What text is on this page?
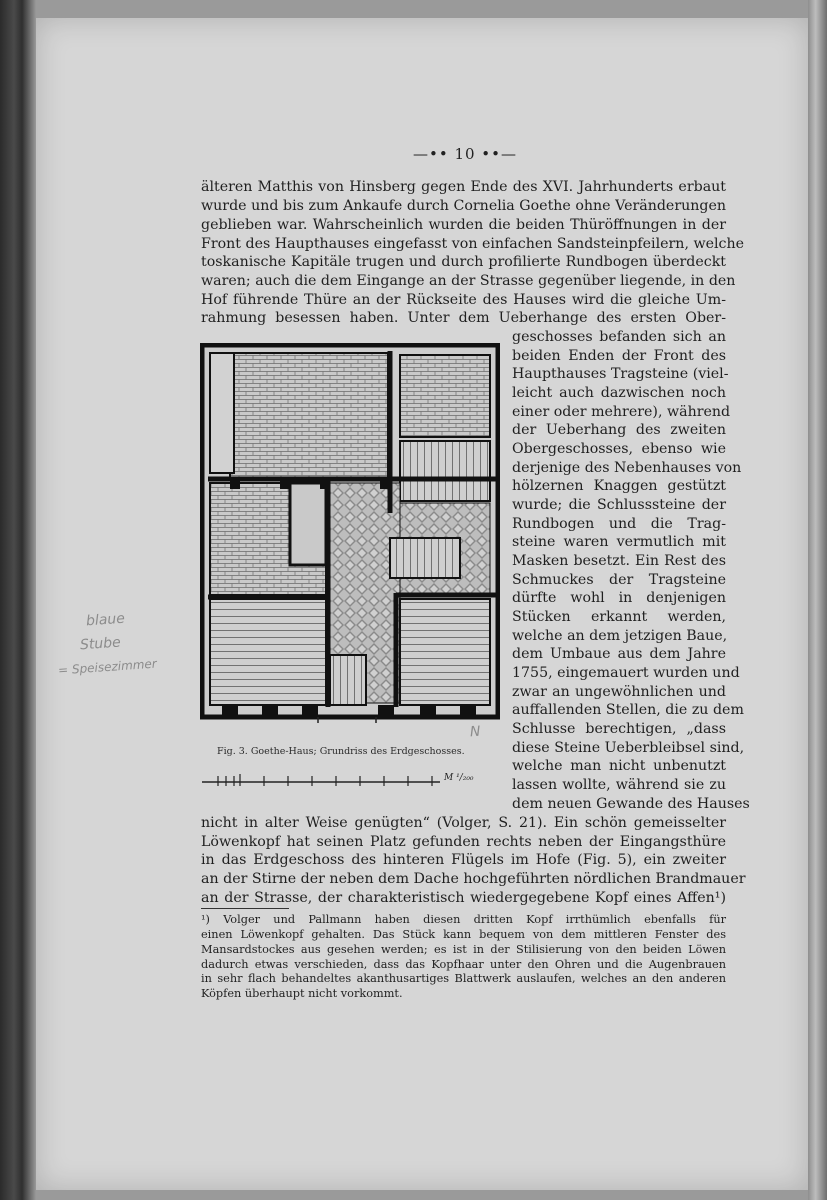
—•• 10 ••—
älteren Matthis von Hinsberg gegen Ende des XVI. Jahrhunderts erbaut
wurde und bis zum Ankaufe durch Cornelia Goethe ohne Veränderungen
geblieben war. Wahrscheinlich wurden die beiden Thüröffnungen in der
Front des Haupthauses eingefasst von einfachen Sandsteinpfeilern, welche
toskanische Kapitäle trugen und durch profilierte Rundbogen überdeckt
waren; auch die dem Eingange an der Strasse gegenüber liegende, in den
Hof führende Thüre an der Rückseite des Hauses wird die gleiche Um-
rahmung besessen haben. Unter dem Ueberhange des ersten Ober-
geschosses befanden sich an
beiden Enden der Front des
Haupthauses Tragsteine (viel-
leicht auch dazwischen noch
einer oder mehrere), während
der Ueberhang des zweiten
Obergeschosses, ebenso wie
derjenige des Nebenhauses von
hölzernen Knaggen gestützt
wurde; die Schlusssteine der
Rundbogen und die Trag-
steine waren vermutlich mit
Masken besetzt. Ein Rest des
Schmuckes der Tragsteine
dürfte wohl in denjenigen
Stücken erkannt werden,
welche an dem jetzigen Baue,
dem Umbaue aus dem Jahre
1755, eingemauert wurden und
zwar an ungewöhnlichen und
auffallenden Stellen, die zu dem
Schlusse berechtigen, „dass
diese Steine Ueberbleibsel sind,
welche man nicht unbenutzt
lassen wollte, während sie zu
dem neuen Gewande des Hauses
Fig. 3. Goethe-Haus; Grundriss des Erdgeschosses.
M ¹/₂₀₀
nicht in alter Weise genügten“ (Volger, S. 21). Ein schön gemeisselter
Löwenkopf hat seinen Platz gefunden rechts neben der Eingangsthüre
in das Erdgeschoss des hinteren Flügels im Hofe (Fig. 5), ein zweiter
an der Stirne der neben dem Dache hochgeführten nördlichen Brandmauer
an der Strasse, der charakteristisch wiedergegebene Kopf eines Affen¹)
¹) Volger und Pallmann haben diesen dritten Kopf irrthümlich ebenfalls für
einen Löwenkopf gehalten. Das Stück kann bequem von dem mittleren Fenster des
Mansardstockes aus gesehen werden; es ist in der Stilisierung von den beiden Löwen
dadurch etwas verschieden, dass das Kopfhaar unter den Ohren und die Augenbrauen
in sehr flach behandeltes akanthusartiges Blattwerk auslaufen, welches an den anderen
Köpfen überhaupt nicht vorkommt.
blaue
Stube
= Speisezimmer
N
